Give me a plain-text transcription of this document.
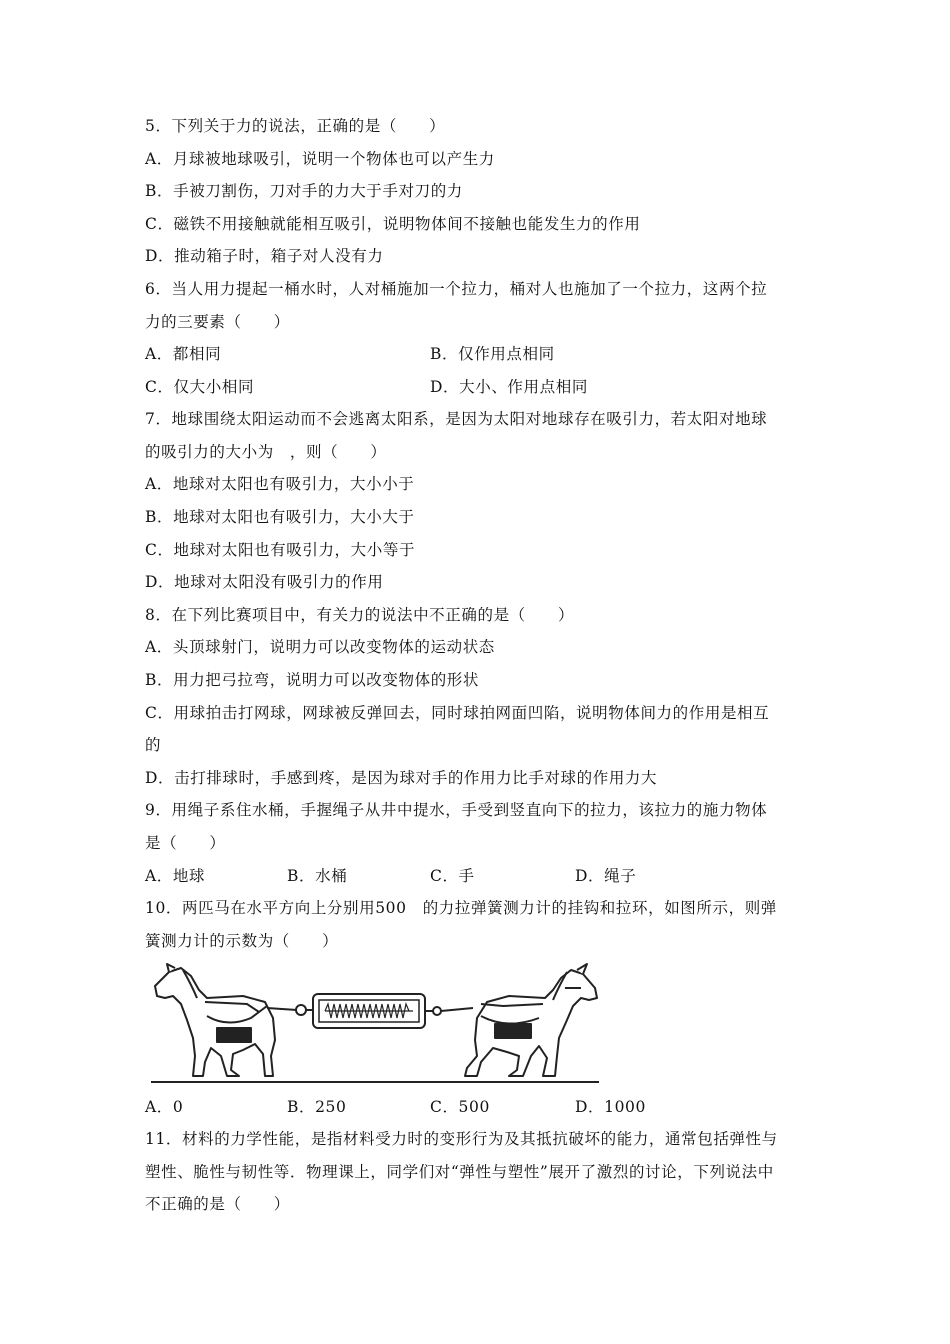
5．下列关于力的说法，正确的是（　　）
A．月球被地球吸引，说明一个物体也可以产生力
B．手被刀割伤，刀对手的力大于手对刀的力
C．磁铁不用接触就能相互吸引，说明物体间不接触也能发生力的作用
D．推动箱子时，箱子对人没有力
6．当人用力提起一桶水时，人对桶施加一个拉力，桶对人也施加了一个拉力，这两个拉
力的三要素（　　）
A．都相同	B．仅作用点相同
C．仅大小相同	D．大小、作用点相同
7．地球围绕太阳运动而不会逃离太阳系，是因为太阳对地球存在吸引力，若太阳对地球
的吸引力的大小为　，则（　　）
A．地球对太阳也有吸引力，大小小于
B．地球对太阳也有吸引力，大小大于
C．地球对太阳也有吸引力，大小等于
D．地球对太阳没有吸引力的作用
8．在下列比赛项目中，有关力的说法中不正确的是（　　）
A．头顶球射门，说明力可以改变物体的运动状态
B．用力把弓拉弯，说明力可以改变物体的形状
C．用球拍击打网球，网球被反弹回去，同时球拍网面凹陷，说明物体间力的作用是相互
的
D．击打排球时，手感到疼，是因为球对手的作用力比手对球的作用力大
9．用绳子系住水桶，手握绳子从井中提水，手受到竖直向下的拉力，该拉力的施力物体
是（　　）
A．地球	B．水桶	C．手	D．绳子
10．两匹马在水平方向上分别用500　的力拉弹簧测力计的挂钩和拉环，如图所示，则弹
簧测力计的示数为（　　）
A．0	B．250	C．500	D．1000
11．材料的力学性能，是指材料受力时的变形行为及其抵抗破坏的能力，通常包括弹性与
塑性、脆性与韧性等．物理课上，同学们对“弹性与塑性”展开了激烈的讨论，下列说法中
不正确的是（　　）
